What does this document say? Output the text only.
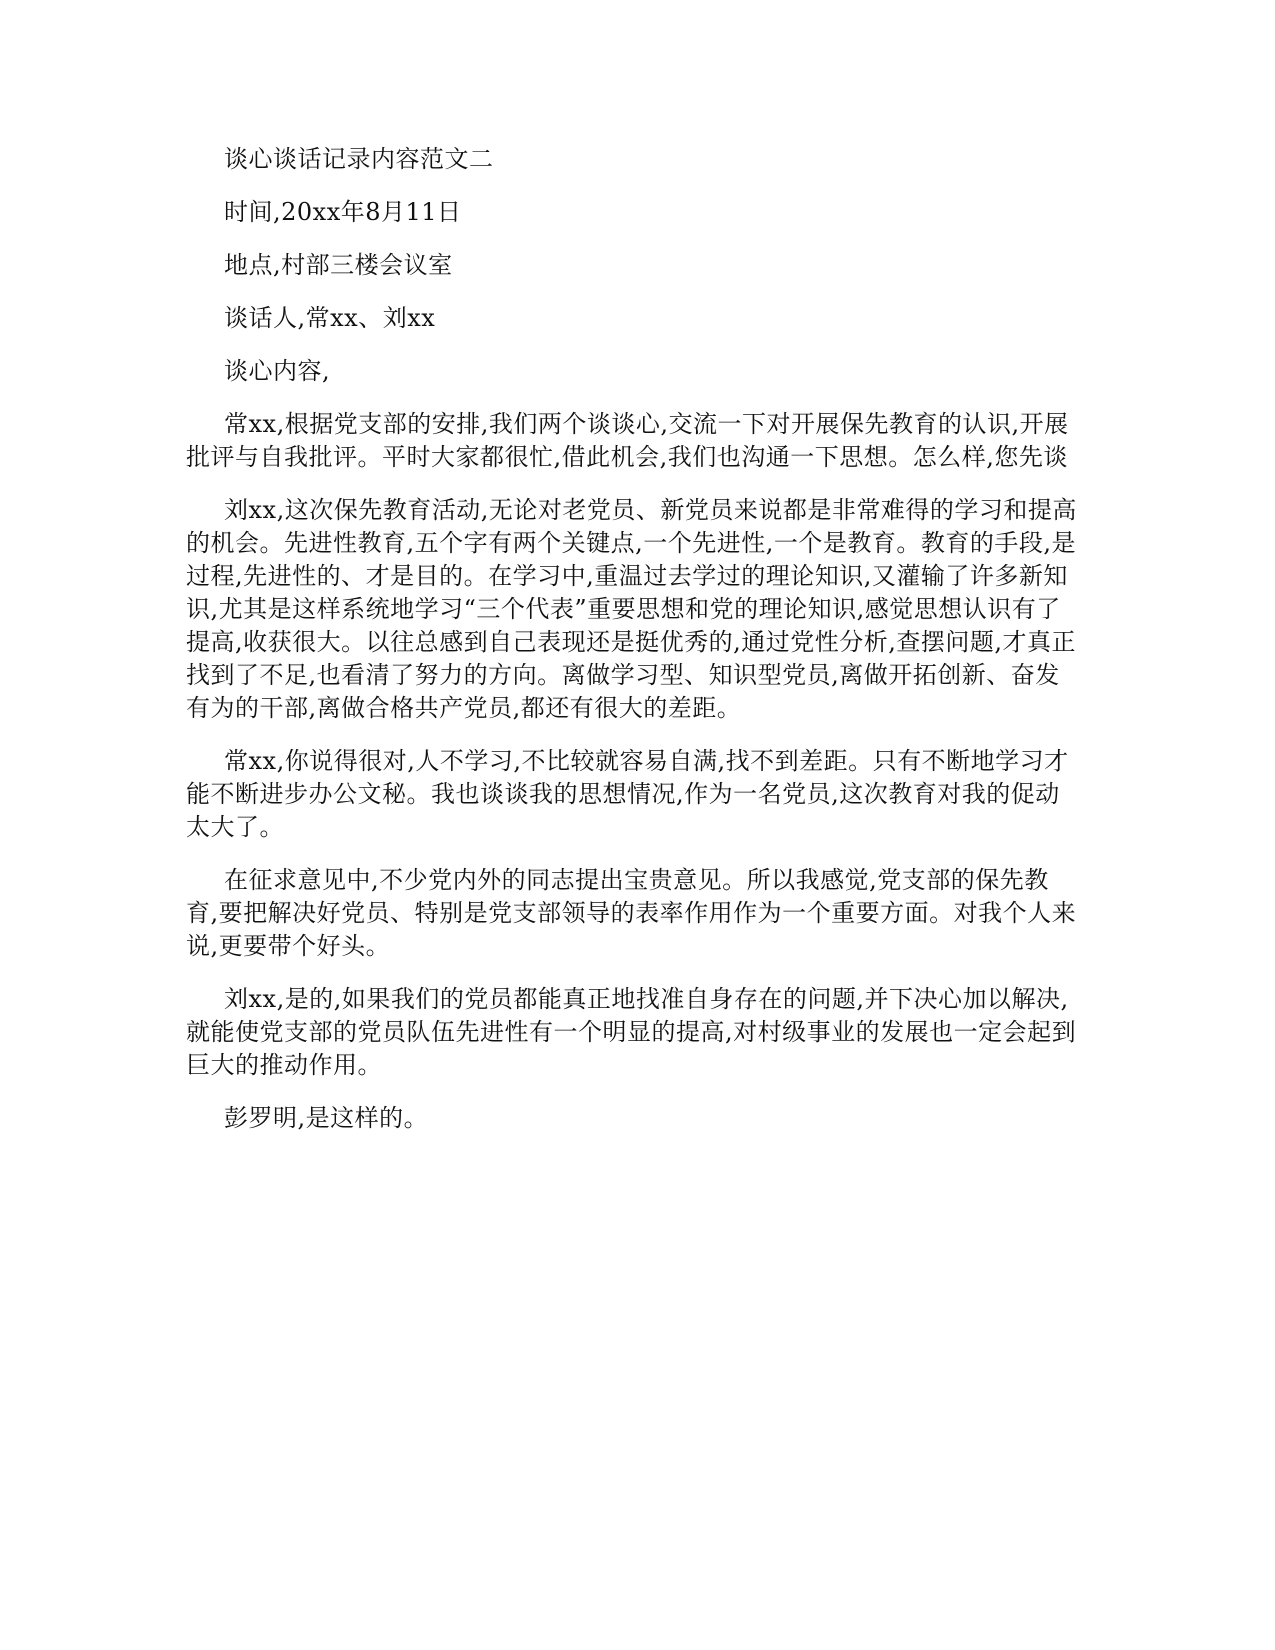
谈心谈话记录内容范文二

时间,20xx年8月11日

地点,村部三楼会议室

谈话人,常xx、刘xx

谈心内容,

常xx,根据党支部的安排,我们两个谈谈心,交流一下对开展保先教育的认识,开展批评与自我批评。平时大家都很忙,借此机会,我们也沟通一下思想。怎么样,您先谈

刘xx,这次保先教育活动,无论对老党员、新党员来说都是非常难得的学习和提高的机会。先进性教育,五个字有两个关键点,一个先进性,一个是教育。教育的手段,是过程,先进性的、才是目的。在学习中,重温过去学过的理论知识,又灌输了许多新知识,尤其是这样系统地学习“三个代表”重要思想和党的理论知识,感觉思想认识有了提高,收获很大。以往总感到自己表现还是挺优秀的,通过党性分析,查摆问题,才真正找到了不足,也看清了努力的方向。离做学习型、知识型党员,离做开拓创新、奋发有为的干部,离做合格共产党员,都还有很大的差距。

常xx,你说得很对,人不学习,不比较就容易自满,找不到差距。只有不断地学习才能不断进步办公文秘。我也谈谈我的思想情况,作为一名党员,这次教育对我的促动太大了。

在征求意见中,不少党内外的同志提出宝贵意见。所以我感觉,党支部的保先教育,要把解决好党员、特别是党支部领导的表率作用作为一个重要方面。对我个人来说,更要带个好头。

刘xx,是的,如果我们的党员都能真正地找准自身存在的问题,并下决心加以解决,就能使党支部的党员队伍先进性有一个明显的提高,对村级事业的发展也一定会起到巨大的推动作用。

彭罗明,是这样的。
